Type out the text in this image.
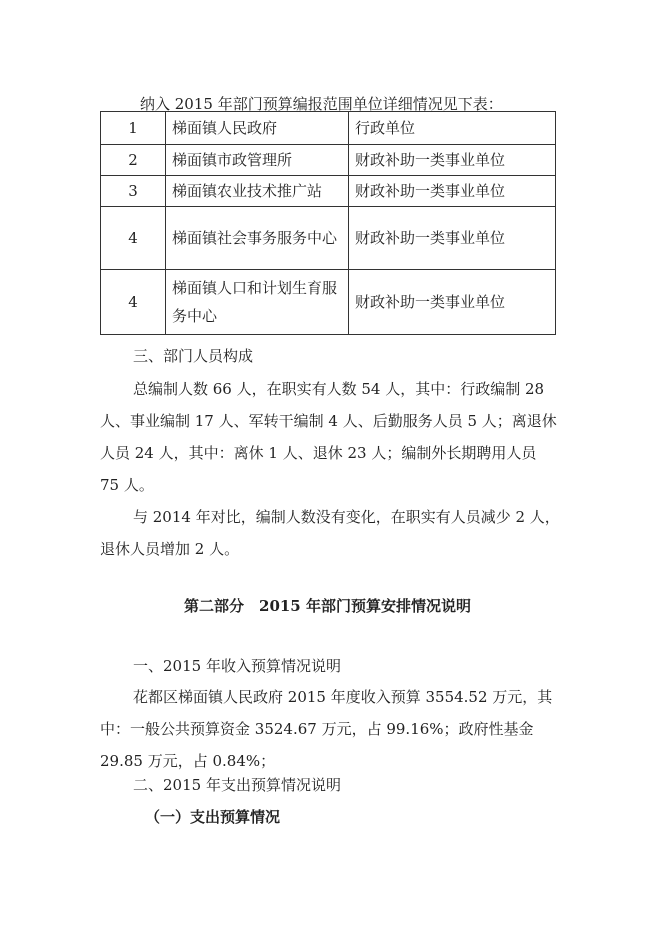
纳入 2015 年部门预算编报范围单位详细情况见下表：
1	梯面镇人民政府	行政单位
2	梯面镇市政管理所	财政补助一类事业单位
3	梯面镇农业技术推广站	财政补助一类事业单位
4	梯面镇社会事务服务中心	财政补助一类事业单位
4	梯面镇人口和计划生育服务中心	财政补助一类事业单位
三、部门人员构成
总编制人数 66 人，在职实有人数 54 人，其中：行政编制 28 人、事业编制 17 人、军转干编制 4 人、后勤服务人员 5 人；离退休人员 24 人，其中：离休 1 人、退休 23 人；编制外长期聘用人员 75 人。
与 2014 年对比，编制人数没有变化，在职实有人员减少 2 人，退休人员增加 2 人。
第二部分　2015 年部门预算安排情况说明
一、2015 年收入预算情况说明
花都区梯面镇人民政府 2015 年度收入预算 3554.52 万元，其中：一般公共预算资金 3524.67 万元，占 99.16%；政府性基金 29.85 万元，占 0.84%；
二、2015 年支出预算情况说明
（一）支出预算情况
